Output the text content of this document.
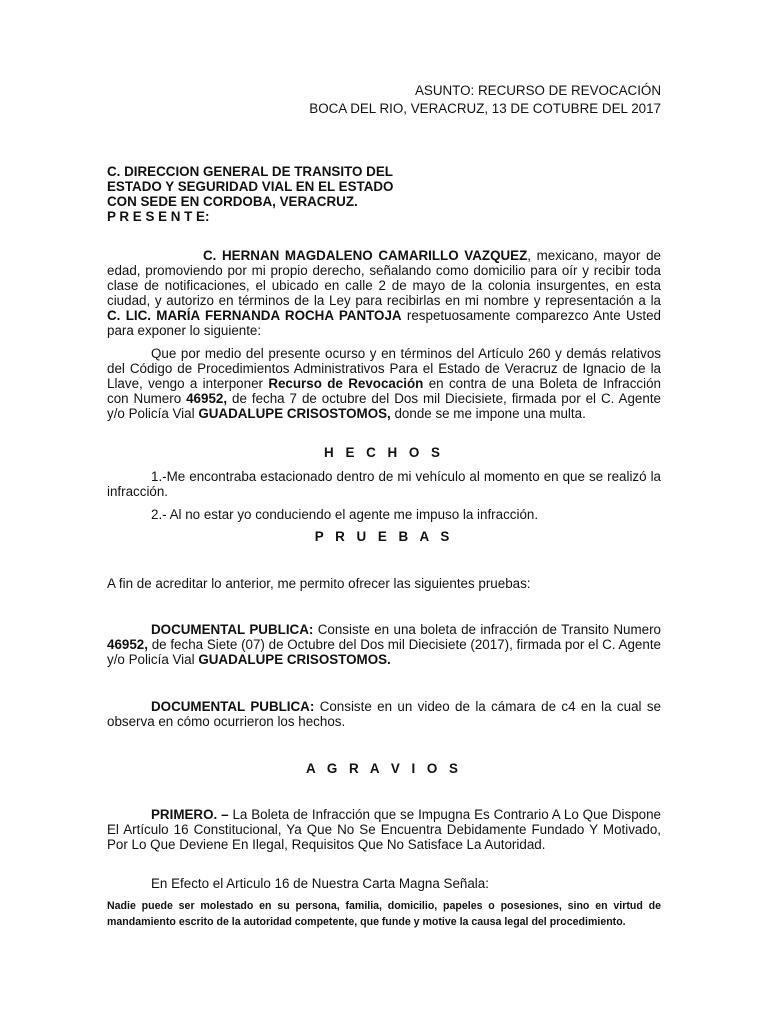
ASUNTO: RECURSO DE REVOCACIÓN

BOCA DEL RIO, VERACRUZ, 13 DE COTUBRE DEL 2017

C. DIRECCION GENERAL DE TRANSITO DEL

ESTADO Y SEGURIDAD VIAL EN EL ESTADO

CON SEDE EN CORDOBA, VERACRUZ.

P R E S E N T E:

C. HERNAN MAGDALENO CAMARILLO VAZQUEZ, mexicano, mayor de edad, promoviendo por mi propio derecho, señalando como domicilio para oír y recibir toda clase de notificaciones, el ubicado en calle 2 de mayo de la colonia insurgentes, en esta ciudad, y autorizo en términos de la Ley para recibirlas en mi nombre y representación a la C. LIC. MARÍA FERNANDA ROCHA PANTOJA respetuosamente comparezco Ante Usted para exponer lo siguiente:

Que por medio del presente ocurso y en términos del Artículo 260 y demás relativos del Código de Procedimientos Administrativos Para el Estado de Veracruz de Ignacio de la Llave, vengo a interponer Recurso de Revocación en contra de una Boleta de Infracción con Numero 46952, de fecha 7 de octubre del Dos mil Diecisiete, firmada por el C. Agente y/o Policía Vial GUADALUPE CRISOSTOMOS, donde se me impone una multa.

H E C H O S

1.-Me encontraba estacionado dentro de mi vehículo al momento en que se realizó la infracción.

2.- Al no estar yo conduciendo el agente me impuso la infracción.

P R U E B A S

A fin de acreditar lo anterior, me permito ofrecer las siguientes pruebas:

DOCUMENTAL PUBLICA: Consiste en una boleta de infracción de Transito Numero 46952, de fecha Siete (07) de Octubre del Dos mil Diecisiete (2017), firmada por el C. Agente y/o Policía Vial GUADALUPE CRISOSTOMOS.

DOCUMENTAL PUBLICA: Consiste en un video de la cámara de c4 en la cual se observa en cómo ocurrieron los hechos.

A G R A V I O S

PRIMERO. – La Boleta de Infracción que se Impugna Es Contrario A Lo Que Dispone El Artículo 16 Constitucional, Ya Que No Se Encuentra Debidamente Fundado Y Motivado, Por Lo Que Deviene En Ilegal, Requisitos Que No Satisface La Autoridad.

En Efecto el Articulo 16 de Nuestra Carta Magna Señala:

Nadie puede ser molestado en su persona, familia, domicilio, papeles o posesiones, sino en virtud de mandamiento escrito de la autoridad competente, que funde y motive la causa legal del procedimiento.
